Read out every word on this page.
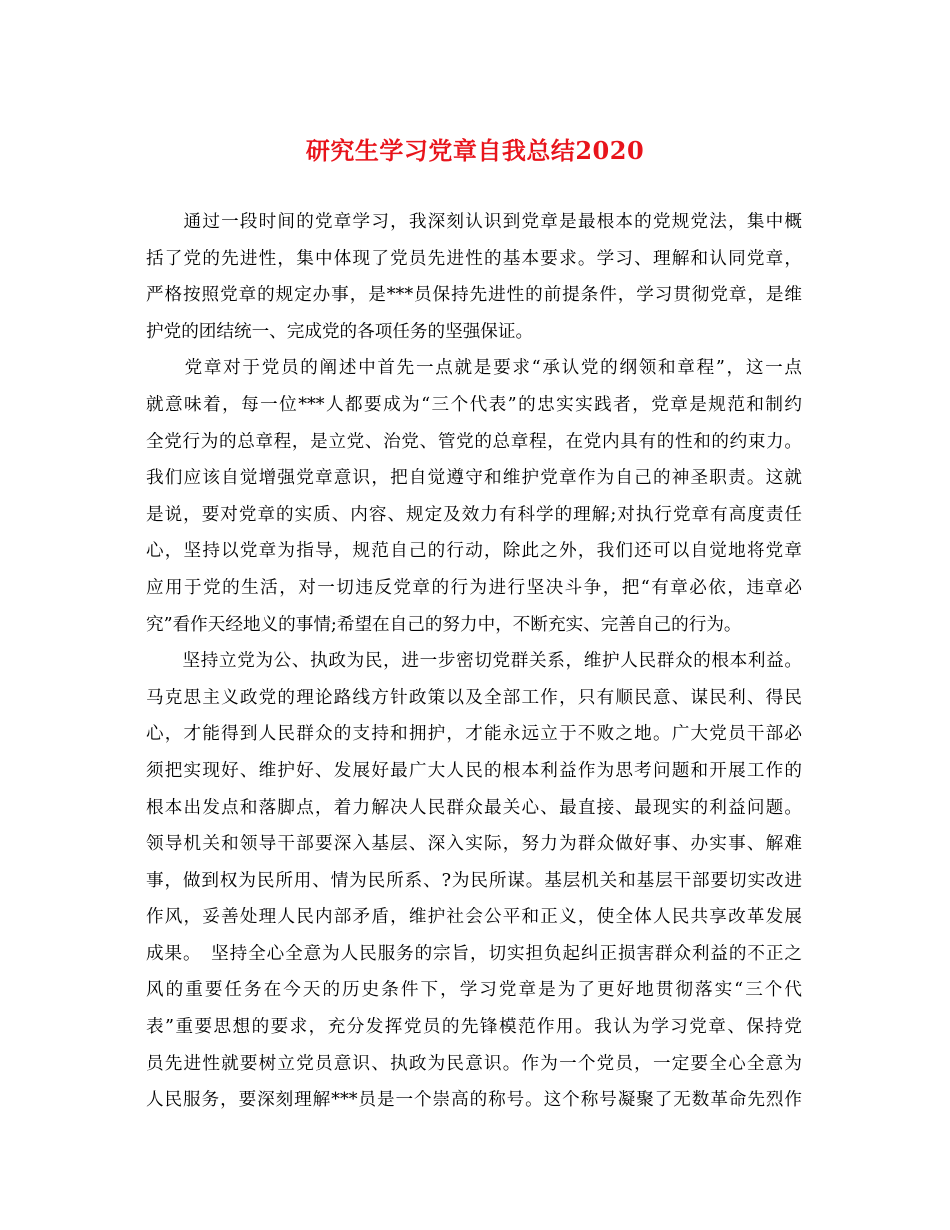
研究生学习党章自我总结2020
　　通过一段时间的党章学习，我深刻认识到党章是最根本的党规党法，集中概
括了党的先进性，集中体现了党员先进性的基本要求。学习、理解和认同党章，
严格按照党章的规定办事，是***员保持先进性的前提条件，学习贯彻党章，是维
护党的团结统一、完成党的各项任务的坚强保证。
　　党章对于党员的阐述中首先一点就是要求“承认党的纲领和章程”，这一点
就意味着，每一位***人都要成为“三个代表”的忠实实践者，党章是规范和制约
全党行为的总章程，是立党、治党、管党的总章程，在党内具有的性和的约束力。
我们应该自觉增强党章意识，把自觉遵守和维护党章作为自己的神圣职责。这就
是说，要对党章的实质、内容、规定及效力有科学的理解;对执行党章有高度责任
心，坚持以党章为指导，规范自己的行动，除此之外，我们还可以自觉地将党章
应用于党的生活，对一切违反党章的行为进行坚决斗争，把“有章必依，违章必
究”看作天经地义的事情;希望在自己的努力中，不断充实、完善自己的行为。
　　坚持立党为公、执政为民，进一步密切党群关系，维护人民群众的根本利益。
马克思主义政党的理论路线方针政策以及全部工作，只有顺民意、谋民利、得民
心，才能得到人民群众的支持和拥护，才能永远立于不败之地。广大党员干部必
须把实现好、维护好、发展好最广大人民的根本利益作为思考问题和开展工作的
根本出发点和落脚点，着力解决人民群众最关心、最直接、最现实的利益问题。
领导机关和领导干部要深入基层、深入实际，努力为群众做好事、办实事、解难
事，做到权为民所用、情为民所系、?为民所谋。基层机关和基层干部要切实改进
作风，妥善处理人民内部矛盾，维护社会公平和正义，使全体人民共享改革发展
成果。　坚持全心全意为人民服务的宗旨，切实担负起纠正损害群众利益的不正之
风的重要任务在今天的历史条件下，学习党章是为了更好地贯彻落实“三个代
表”重要思想的要求，充分发挥党员的先锋模范作用。我认为学习党章、保持党
员先进性就要树立党员意识、执政为民意识。作为一个党员，一定要全心全意为
人民服务，要深刻理解***员是一个崇高的称号。这个称号凝聚了无数革命先烈作
